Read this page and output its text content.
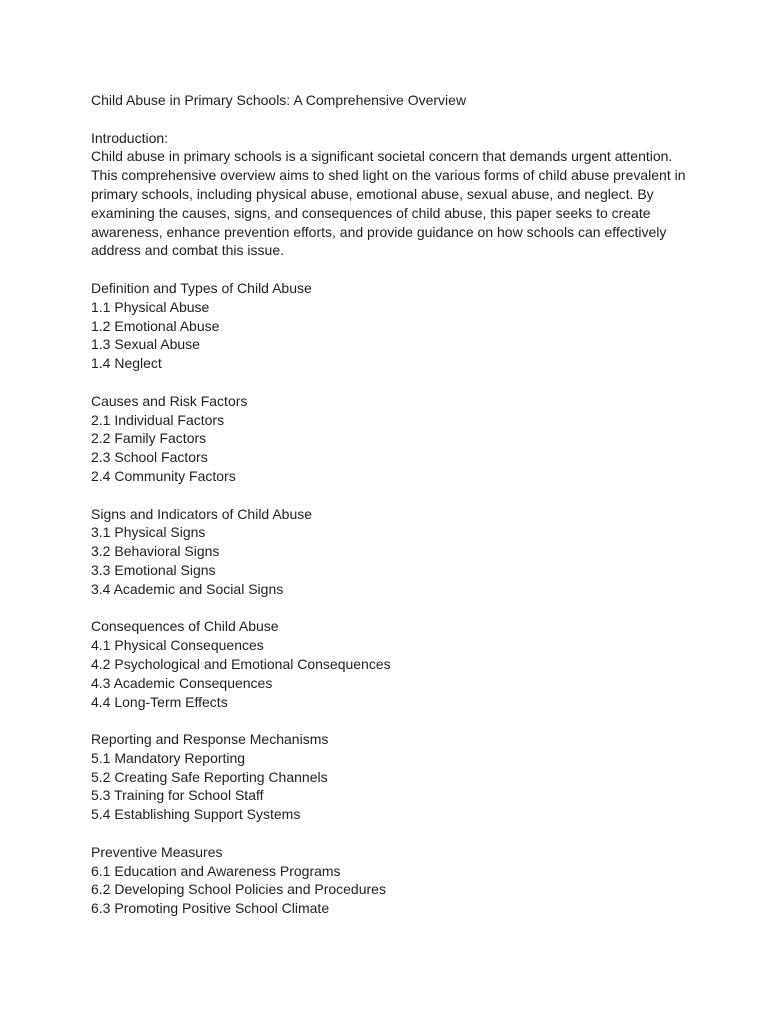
Child Abuse in Primary Schools: A Comprehensive Overview

Introduction:

Child abuse in primary schools is a significant societal concern that demands urgent attention.

This comprehensive overview aims to shed light on the various forms of child abuse prevalent in

primary schools, including physical abuse, emotional abuse, sexual abuse, and neglect. By

examining the causes, signs, and consequences of child abuse, this paper seeks to create

awareness, enhance prevention efforts, and provide guidance on how schools can effectively

address and combat this issue.

Definition and Types of Child Abuse

1.1 Physical Abuse

1.2 Emotional Abuse

1.3 Sexual Abuse

1.4 Neglect

Causes and Risk Factors

2.1 Individual Factors

2.2 Family Factors

2.3 School Factors

2.4 Community Factors

Signs and Indicators of Child Abuse

3.1 Physical Signs

3.2 Behavioral Signs

3.3 Emotional Signs

3.4 Academic and Social Signs

Consequences of Child Abuse

4.1 Physical Consequences

4.2 Psychological and Emotional Consequences

4.3 Academic Consequences

4.4 Long-Term Effects

Reporting and Response Mechanisms

5.1 Mandatory Reporting

5.2 Creating Safe Reporting Channels

5.3 Training for School Staff

5.4 Establishing Support Systems

Preventive Measures

6.1 Education and Awareness Programs

6.2 Developing School Policies and Procedures

6.3 Promoting Positive School Climate
